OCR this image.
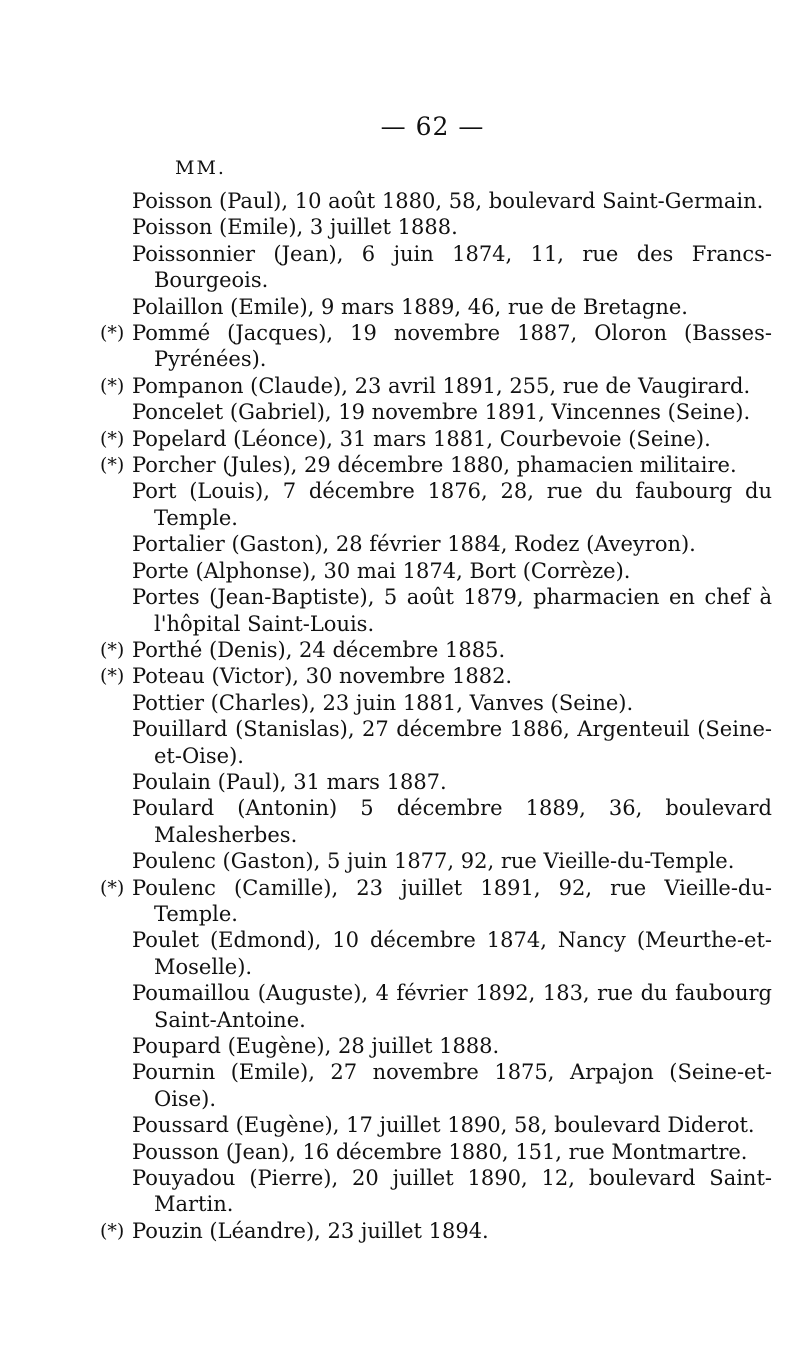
— 62 —
MM.
Poisson (Paul), 10 août 1880, 58, boulevard Saint-Germain.
Poisson (Emile), 3 juillet 1888.
Poissonnier (Jean), 6 juin 1874, 11, rue des Francs-Bourgeois.
Polaillon (Emile), 9 mars 1889, 46, rue de Bretagne.
(*) Pommé (Jacques), 19 novembre 1887, Oloron (Basses-Pyrénées).
(*) Pompanon (Claude), 23 avril 1891, 255, rue de Vaugirard.
Poncelet (Gabriel), 19 novembre 1891, Vincennes (Seine).
(*) Popelard (Léonce), 31 mars 1881, Courbevoie (Seine).
(*) Porcher (Jules), 29 décembre 1880, phamacien militaire.
Port (Louis), 7 décembre 1876, 28, rue du faubourg du Temple.
Portalier (Gaston), 28 février 1884, Rodez (Aveyron).
Porte (Alphonse), 30 mai 1874, Bort (Corrèze).
Portes (Jean-Baptiste), 5 août 1879, pharmacien en chef à l'hôpital Saint-Louis.
(*) Porthé (Denis), 24 décembre 1885.
(*) Poteau (Victor), 30 novembre 1882.
Pottier (Charles), 23 juin 1881, Vanves (Seine).
Pouillard (Stanislas), 27 décembre 1886, Argenteuil (Seine-et-Oise).
Poulain (Paul), 31 mars 1887.
Poulard (Antonin) 5 décembre 1889, 36, boulevard Malesherbes.
Poulenc (Gaston), 5 juin 1877, 92, rue Vieille-du-Temple.
(*) Poulenc (Camille), 23 juillet 1891, 92, rue Vieille-du-Temple.
Poulet (Edmond), 10 décembre 1874, Nancy (Meurthe-et-Moselle).
Poumaillou (Auguste), 4 février 1892, 183, rue du faubourg Saint-Antoine.
Poupard (Eugène), 28 juillet 1888.
Pournin (Emile), 27 novembre 1875, Arpajon (Seine-et-Oise).
Poussard (Eugène), 17 juillet 1890, 58, boulevard Diderot.
Pousson (Jean), 16 décembre 1880, 151, rue Montmartre.
Pouyadou (Pierre), 20 juillet 1890, 12, boulevard Saint-Martin.
(*) Pouzin (Léandre), 23 juillet 1894.
